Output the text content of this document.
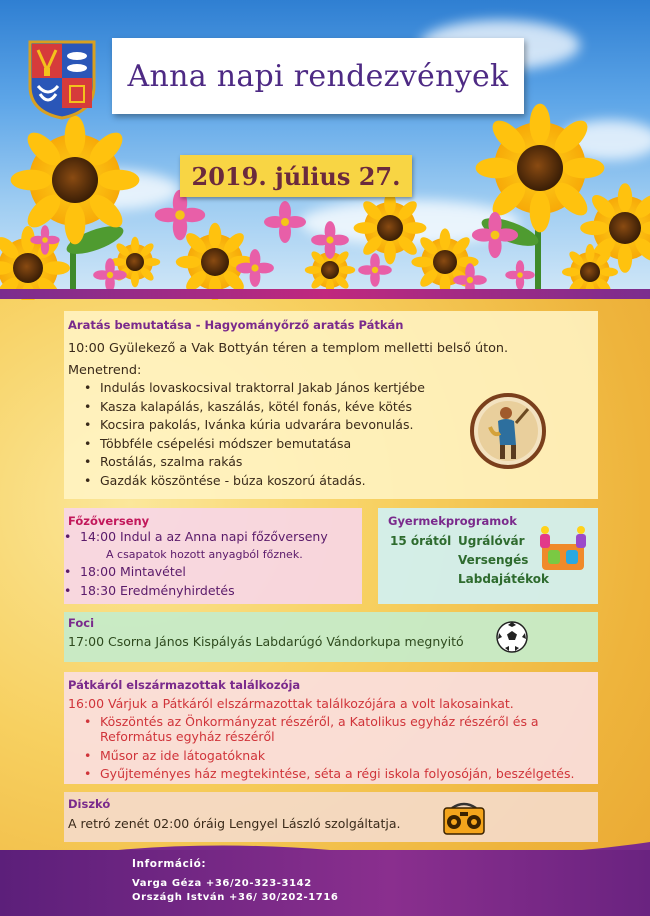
Anna napi rendezvények
2019. július 27.
Aratás bemutatása - Hagyományőrző aratás Pátkán
10:00 Gyülekező a Vak Bottyán téren a templom melletti belső úton.
Menetrend:
• Indulás lovaskocsival traktorral Jakab János kertjébe
• Kasza kalapálás, kaszálás, kötél fonás, kéve kötés
• Kocsira pakolás, Ivánka kúria udvarára bevonulás.
• Többféle csépelési módszer bemutatása
• Rostálás, szalma rakás
• Gazdák köszöntése - búza koszorú átadás.
Főzőverseny
• 14:00 Indul a az Anna napi főzőverseny
A csapatok hozott anyagból főznek.
• 18:00 Mintavétel
• 18:30 Eredményhirdetés
Gyermekprogramok
15 órától Ugrálóvár
Versengés
Labdajátékok
Foci
17:00 Csorna János Kispályás Labdarúgó Vándorkupa megnyitó
Pátkáról elszármazottak találkozója
16:00 Várjuk a Pátkáról elszármazottak találkozójára a volt lakosainkat.
• Köszöntés az Önkormányzat részéről, a Katolikus egyház részéről és a
Református egyház részéről
• Műsor az ide látogatóknak
• Gyűjteményes ház megtekintése, séta a régi iskola folyosóján, beszélgetés.
Diszkó
A retró zenét 02:00 óráig Lengyel László szolgáltatja.
Információ:
Varga Géza +36/20-323-3142
Országh István +36/ 30/202-1716
